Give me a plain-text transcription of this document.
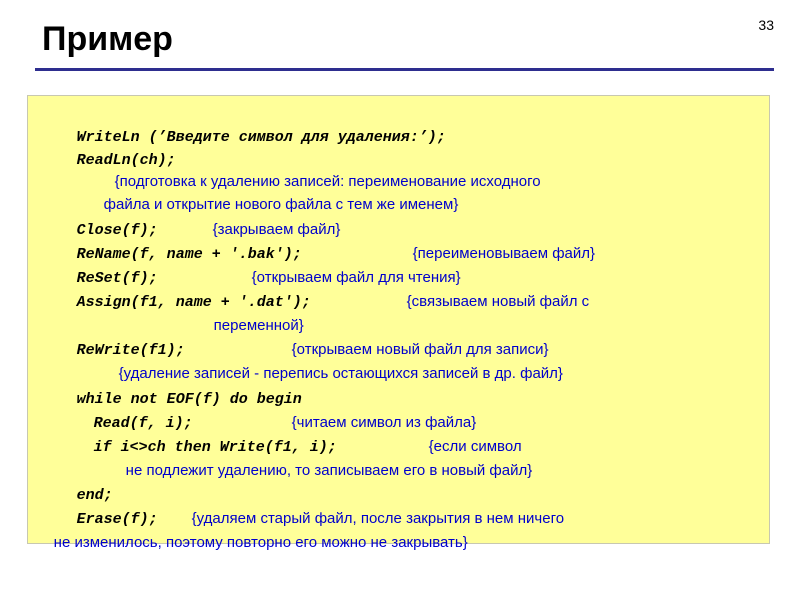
Пример	33

WriteLn (’Введите символ для удаления:’);

ReadLn(ch);

{подготовка к удалению записей: переименование исходного

файла и открытие нового файла с тем же именем}

Close(f);
	{закрываем файл}

ReName(f, name + '.bak');
	{переименовываем файл}

ReSet(f);
	{открываем файл для чтения}

Assign(f1, name + '.dat');
	{связываем новый файл с

переменной}

ReWrite(f1);
	{открываем новый файл для записи}

{удаление записей - перепись остающихся записей в др. файл}

while not EOF(f) do begin

Read(f, i);
	{читаем символ из файла}

if i<>ch then Write(f1, i);
	{если символ

не подлежит удалению, то записываем его в новый файл}

end;

Erase(f);
	{удаляем старый файл, после закрытия в нем ничего

не изменилось, поэтому повторно его можно не закрывать}
